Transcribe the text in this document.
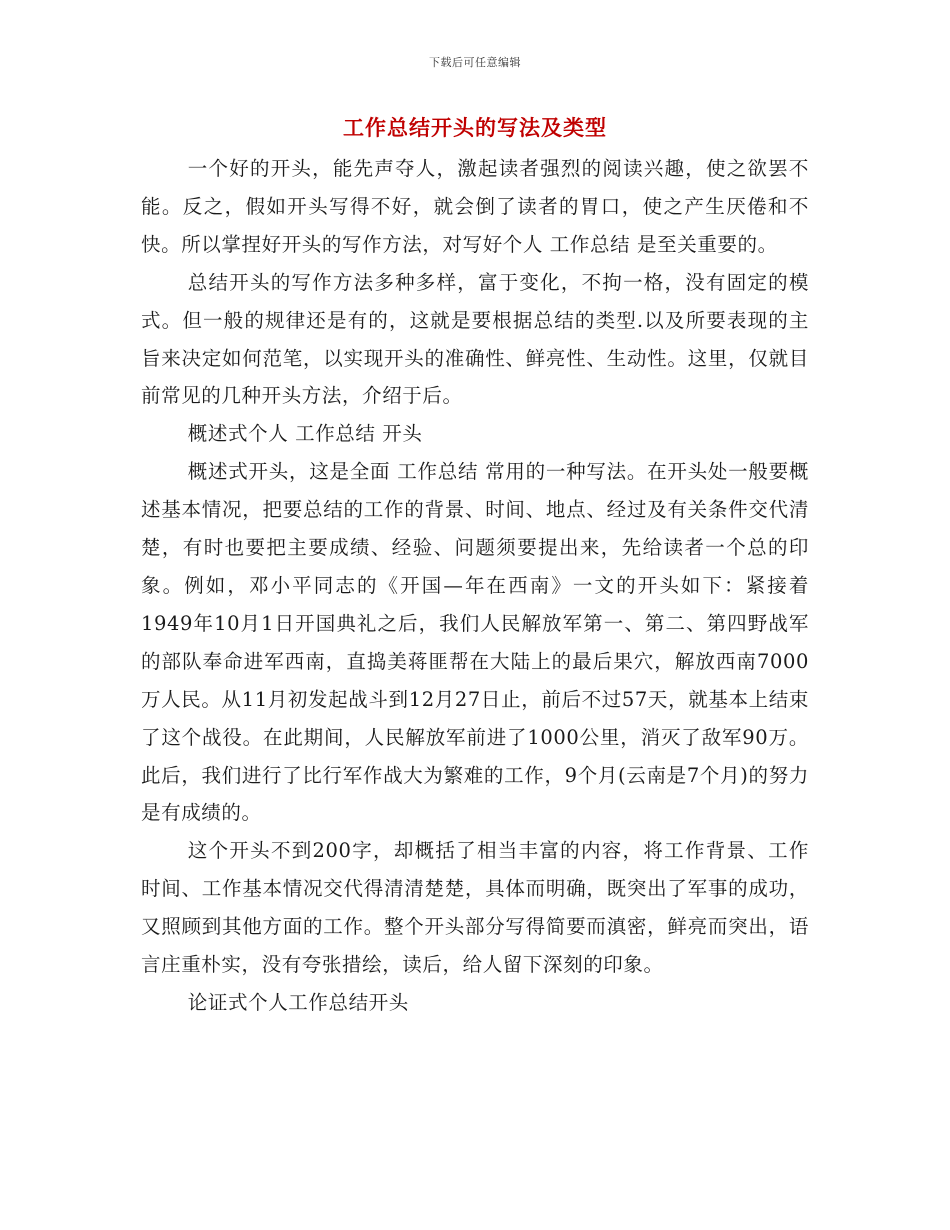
下载后可任意编辑
工作总结开头的写法及类型

一个好的开头，能先声夺人，激起读者强烈的阅读兴趣，使之欲罢不能。反之，假如开头写得不好，就会倒了读者的胃口，使之产生厌倦和不快。所以掌捏好开头的写作方法，对写好个人 工作总结 是至关重要的。

总结开头的写作方法多种多样，富于变化，不拘一格，没有固定的模式。但一般的规律还是有的，这就是要根据总结的类型.以及所要表现的主旨来决定如何范笔，以实现开头的准确性、鲜亮性、生动性。这里，仅就目前常见的几种开头方法，介绍于后。

概述式个人 工作总结 开头

概述式开头，这是全面 工作总结 常用的一种写法。在开头处一般要概述基本情况，把要总结的工作的背景、时间、地点、经过及有关条件交代清楚，有时也要把主要成绩、经验、问题须要提出来，先给读者一个总的印象。例如，邓小平同志的《开国—年在西南》一文的开头如下：紧接着1949年10月1日开国典礼之后，我们人民解放军第一、第二、第四野战军的部队奉命进军西南，直捣美蒋匪帮在大陆上的最后果穴，解放西南7000万人民。从11月初发起战斗到12月27日止，前后不过57天，就基本上结束了这个战役。在此期间，人民解放军前进了1000公里，消灭了敌军90万。 此后，我们进行了比行军作战大为繁难的工作，9个月(云南是7个月)的努力是有成绩的。

这个开头不到200字，却概括了相当丰富的内容，将工作背景、工作时间、工作基本情况交代得清清楚楚，具体而明确，既突出了军事的成功，又照顾到其他方面的工作。整个开头部分写得简要而滇密，鲜亮而突出，语言庄重朴实，没有夸张措绘，读后，给人留下深刻的印象。

论证式个人工作总结开头
